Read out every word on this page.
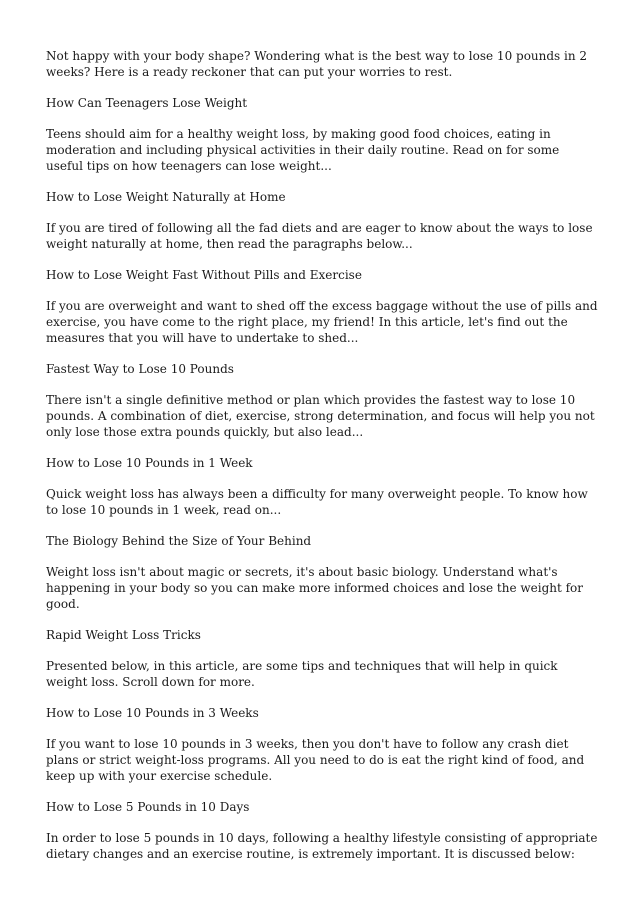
Not happy with your body shape? Wondering what is the best way to lose 10 pounds in 2 weeks? Here is a ready reckoner that can put your worries to rest.

How Can Teenagers Lose Weight

Teens should aim for a healthy weight loss, by making good food choices, eating in moderation and including physical activities in their daily routine. Read on for some useful tips on how teenagers can lose weight...

How to Lose Weight Naturally at Home

If you are tired of following all the fad diets and are eager to know about the ways to lose weight naturally at home, then read the paragraphs below...

How to Lose Weight Fast Without Pills and Exercise

If you are overweight and want to shed off the excess baggage without the use of pills and exercise, you have come to the right place, my friend! In this article, let's find out the measures that you will have to undertake to shed...

Fastest Way to Lose 10 Pounds

There isn't a single definitive method or plan which provides the fastest way to lose 10 pounds. A combination of diet, exercise, strong determination, and focus will help you not only lose those extra pounds quickly, but also lead...

How to Lose 10 Pounds in 1 Week

Quick weight loss has always been a difficulty for many overweight people. To know how to lose 10 pounds in 1 week, read on...

The Biology Behind the Size of Your Behind

Weight loss isn't about magic or secrets, it's about basic biology. Understand what's happening in your body so you can make more informed choices and lose the weight for good.

Rapid Weight Loss Tricks

Presented below, in this article, are some tips and techniques that will help in quick weight loss. Scroll down for more.

How to Lose 10 Pounds in 3 Weeks

If you want to lose 10 pounds in 3 weeks, then you don't have to follow any crash diet plans or strict weight-loss programs. All you need to do is eat the right kind of food, and keep up with your exercise schedule.

How to Lose 5 Pounds in 10 Days

In order to lose 5 pounds in 10 days, following a healthy lifestyle consisting of appropriate dietary changes and an exercise routine, is extremely important. It is discussed below:
